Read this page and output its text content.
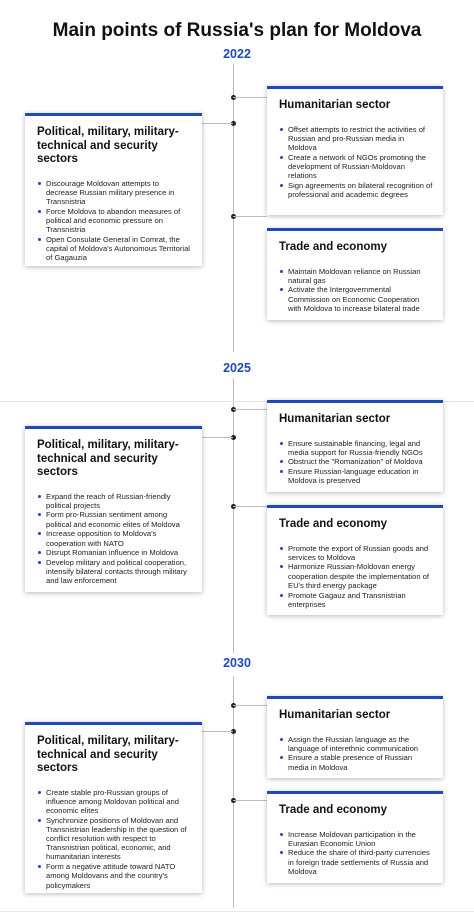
Main points of Russia's plan for Moldova
2022
2025
2030
Political, military, military-technical and security sectors
Discourage Moldovan attempts to decrease Russian military presence in Transnistria
Force Moldova to abandon measures of political and economic pressure on Transnistria
Open Consulate General in Comrat, the capital of Moldova's Autonomous Territorial of Gagauzia
Humanitarian sector
Offset attempts to restrict the activities of Russian and pro-Russian media in Moldova
Create a network of NGOs promoting the development of Russian-Moldovan relations
Sign agreements on bilateral recognition of professional and academic degrees
Trade and economy
Maintain Moldovan reliance on Russian natural gas
Activate the Intergovernmental Commission on Economic Cooperation with Moldova to increase bilateral trade
Political, military, military-technical and security sectors
Expand the reach of Russian-friendly political projects
Form pro-Russian sentiment among political and economic elites of Moldova
Increase opposition to Moldova's cooperation with NATO
Disrupt Romanian influence in Moldova
Develop military and political cooperation, intensify bilateral contacts through military and law enforcement
Humanitarian sector
Ensure sustainable financing, legal and media support for Russia-friendly NGOs
Obstruct the "Romanization" of Moldova
Ensure Russian-language education in Moldova is preserved
Trade and economy
Promote the export of Russian goods and services to Moldova
Harmonize Russian-Moldovan energy cooperation despite the implementation of EU's third energy package
Promote Gagauz and Transnistrian enterprises
Political, military, military-technical and security sectors
Create stable pro-Russian groups of influence among Moldovan political and economic elites
Synchronize positions of Moldovan and Transnistrian leadership in the question of conflict resolution with respect to Transnistrian political, economic, and humanitarian interests
Form a negative attitude toward NATO among Moldovans and the country's policymakers
Humanitarian sector
Assign the Russian language as the language of interethnic communication
Ensure a stable presence of Russian media in Moldova
Trade and economy
Increase Moldovan participation in the Eurasian Economic Union
Reduce the share of third-party currencies in foreign trade settlements of Russia and Moldova
